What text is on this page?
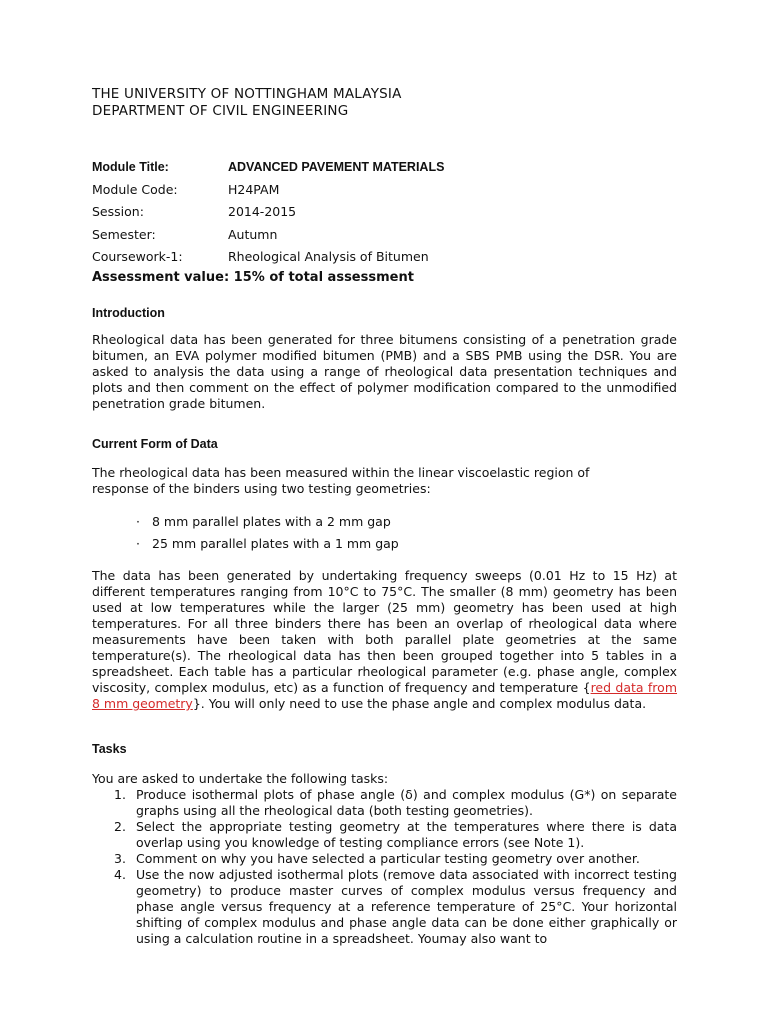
THE UNIVERSITY OF NOTTINGHAM MALAYSIA
DEPARTMENT OF CIVIL ENGINEERING
Module Title:	ADVANCED PAVEMENT MATERIALS
Module Code:	H24PAM
Session:	2014-2015
Semester:	Autumn
Coursework-1:	Rheological Analysis of Bitumen
Assessment value: 15% of total assessment
Introduction

Rheological data has been generated for three bitumens consisting of a penetration grade bitumen, an EVA polymer modified bitumen (PMB) and a SBS PMB using the DSR. You are asked to analysis the data using a range of rheological data presentation techniques and plots and then comment on the effect of polymer modification compared to the unmodified penetration grade bitumen.

Current Form of Data
The rheological data has been measured within the linear viscoelastic region of
response of the binders using two testing geometries:
· 8 mm parallel plates with a 2 mm gap
· 25 mm parallel plates with a 1 mm gap

The data has been generated by undertaking frequency sweeps (0.01 Hz to 15 Hz) at different temperatures ranging from 10°C to 75°C. The smaller (8 mm) geometry has been used at low temperatures while the larger (25 mm) geometry has been used at high temperatures. For all three binders there has been an overlap of rheological data where measurements have been taken with both parallel plate geometries at the same temperature(s). The rheological data has then been grouped together into 5 tables in a spreadsheet. Each table has a particular rheological parameter (e.g. phase angle, complex viscosity, complex modulus, etc) as a function of frequency and temperature {red data from 8 mm geometry}. You will only need to use the phase angle and complex modulus data.

Tasks
You are asked to undertake the following tasks:
1. Produce isothermal plots of phase angle (δ) and complex modulus (G*) on separate graphs using all the rheological data (both testing geometries).
2. Select the appropriate testing geometry at the temperatures where there is data overlap using you knowledge of testing compliance errors (see Note 1).
3. Comment on why you have selected a particular testing geometry over another.
4. Use the now adjusted isothermal plots (remove data associated with incorrect testing geometry) to produce master curves of complex modulus versus frequency and phase angle versus frequency at a reference temperature of 25°C. Your horizontal shifting of complex modulus and phase angle data can be done either graphically or using a calculation routine in a spreadsheet. Youmay also want to
